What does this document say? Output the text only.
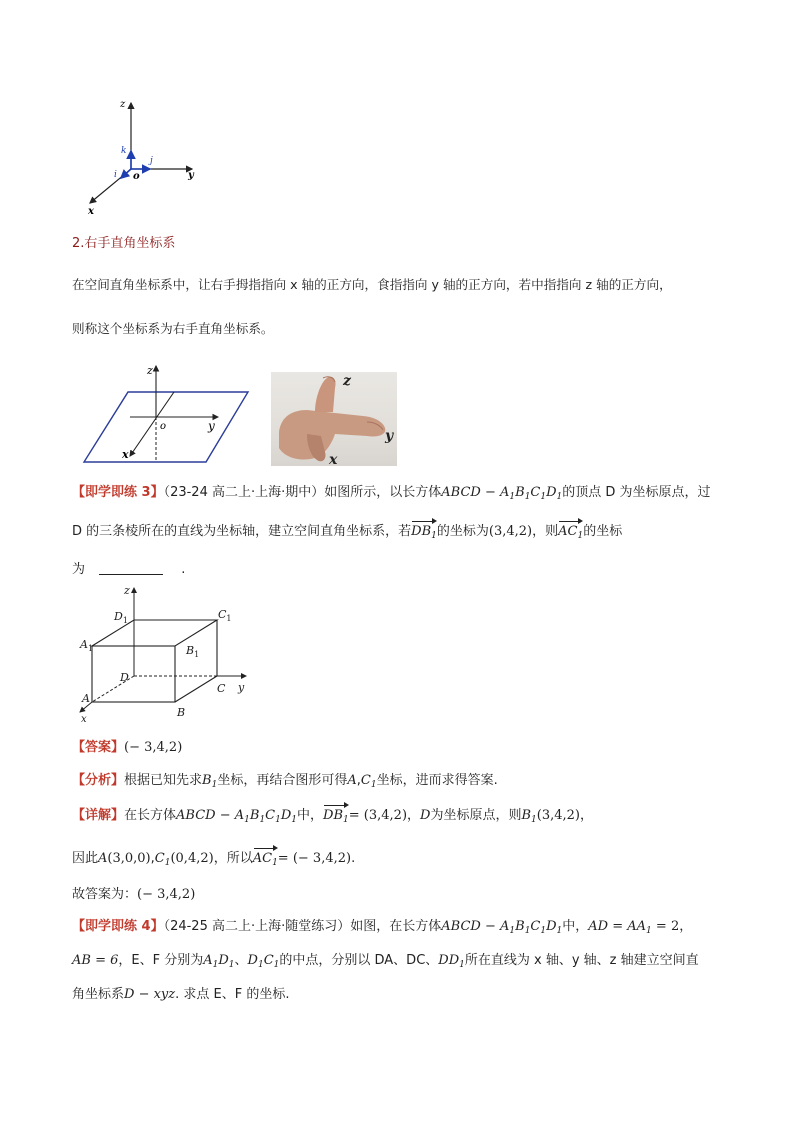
z
k
j
i o	y
x
2.右手直角坐标系
在空间直角坐标系中，让右手拇指指向 x 轴的正方向，食指指向 y 轴的正方向，若中指指向 z 轴的正方向，
则称这个坐标系为右手直角坐标系。
z
o	y
x
z
y
x
【即学即练 3】（23-24 高二上·上海·期中）如图所示，以长方体ABCD − $A_1B_1C_1D_1$的顶点 D 为坐标原点，过
D 的三条棱所在的直线为坐标轴，建立空间直角坐标系，若$DB_1$的坐标为(3,4,2)，则$AC_1$的坐标
为	.
z
y
x
$D_1$	$C_1$
$A_1$	$B_1$
D
C
A
B
【答案】(− 3,4,2)
【分析】根据已知先求$B_1$坐标，再结合图形可得$A,C_1$坐标，进而求得答案.
【详解】在长方体ABCD − $A_1B_1C_1D_1$中，$DB_1= (3,4,2)$，D为坐标原点，则$B_1(3,4,2)$，
因此$A(3,0,0),C_1(0,4,2)$，所以$AC_1=$ (− 3,4,2).
故答案为：(− 3,4,2)
【即学即练 4】（24-25 高二上·上海·随堂练习）如图，在长方体ABCD − $A_1B_1C_1D_1$中，AD = $AA_1 = 2$，
AB = 6，E、F 分别为$A_1D_1$、$D_1C_1$的中点，分别以 DA、DC、$DD_1$所在直线为 x 轴、y 轴、z 轴建立空间直
角坐标系D − xyz. 求点 E、F 的坐标.
